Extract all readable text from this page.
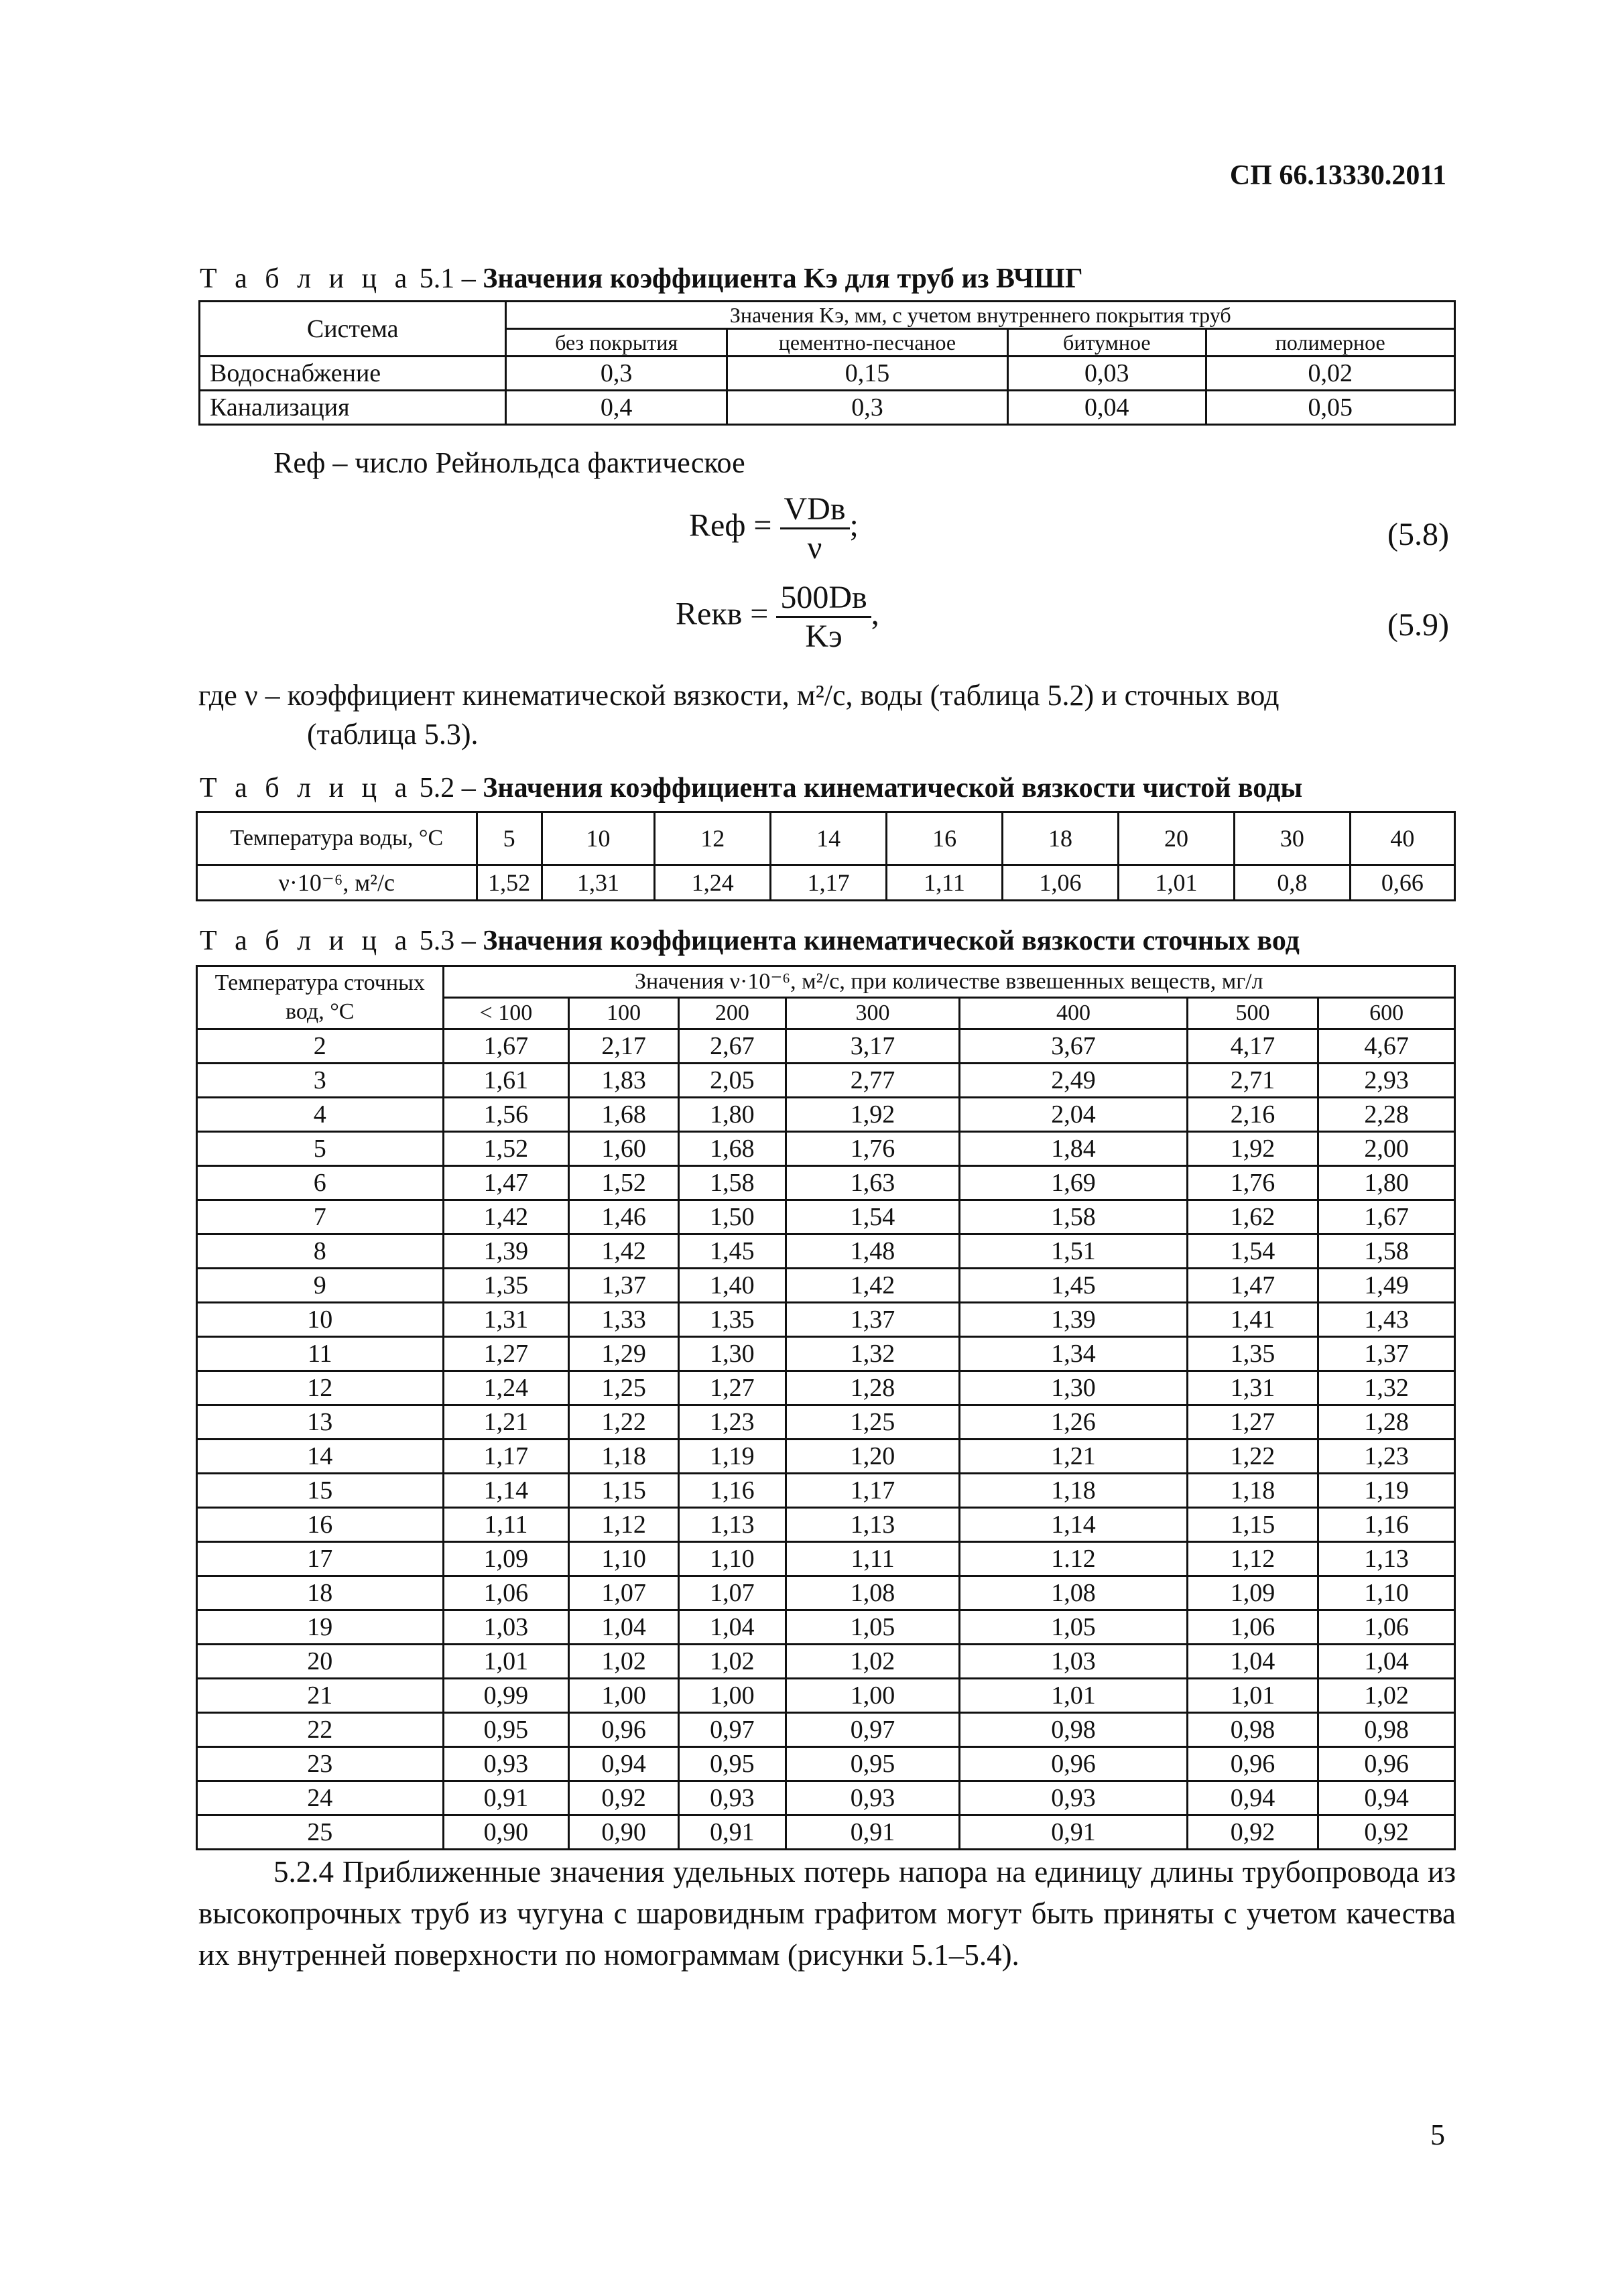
СП 66.13330.2011
Т а б л и ц а 5.1 – Значения коэффициента Kэ для труб из ВЧШГ
Система	Значения Kэ, мм, с учетом внутреннего покрытия труб			
	без покрытия	цементно-песчаное	битумное	полимерное
Водоснабжение	0,3	0,15	0,03	0,02
Канализация	0,4	0,3	0,04	0,05
Reф – число Рейнольдса фактическое
Reф = VDв
ν
;	(5.8)
Reкв = 500Dв
Kэ
,	(5.9)
где ν – коэффициент кинематической вязкости, м²/с, воды (таблица 5.2) и сточных вод
(таблица 5.3).
Т а б л и ц а 5.2 – Значения коэффициента кинематической вязкости чистой воды
Температура воды, °С	5	10	12	14	16	18	20	30	40
ν·10⁻⁶, м²/с	1,52	1,31	1,24	1,17	1,11	1,06	1,01	0,8	0,66
Т а б л и ц а 5.3 – Значения коэффициента кинематической вязкости сточных вод
Температура сточных вод, °С	Значения ν·10⁻⁶, м²/с, при количестве взвешенных веществ, мг/л						
	< 100	100	200	300	400	500	600
2	1,67	2,17	2,67	3,17	3,67	4,17	4,67
3	1,61	1,83	2,05	2,77	2,49	2,71	2,93
4	1,56	1,68	1,80	1,92	2,04	2,16	2,28
5	1,52	1,60	1,68	1,76	1,84	1,92	2,00
6	1,47	1,52	1,58	1,63	1,69	1,76	1,80
7	1,42	1,46	1,50	1,54	1,58	1,62	1,67
8	1,39	1,42	1,45	1,48	1,51	1,54	1,58
9	1,35	1,37	1,40	1,42	1,45	1,47	1,49
10	1,31	1,33	1,35	1,37	1,39	1,41	1,43
11	1,27	1,29	1,30	1,32	1,34	1,35	1,37
12	1,24	1,25	1,27	1,28	1,30	1,31	1,32
13	1,21	1,22	1,23	1,25	1,26	1,27	1,28
14	1,17	1,18	1,19	1,20	1,21	1,22	1,23
15	1,14	1,15	1,16	1,17	1,18	1,18	1,19
16	1,11	1,12	1,13	1,13	1,14	1,15	1,16
17	1,09	1,10	1,10	1,11	1.12	1,12	1,13
18	1,06	1,07	1,07	1,08	1,08	1,09	1,10
19	1,03	1,04	1,04	1,05	1,05	1,06	1,06
20	1,01	1,02	1,02	1,02	1,03	1,04	1,04
21	0,99	1,00	1,00	1,00	1,01	1,01	1,02
22	0,95	0,96	0,97	0,97	0,98	0,98	0,98
23	0,93	0,94	0,95	0,95	0,96	0,96	0,96
24	0,91	0,92	0,93	0,93	0,93	0,94	0,94
25	0,90	0,90	0,91	0,91	0,91	0,92	0,92
5.2.4 Приближенные значения удельных потерь напора на единицу длины трубопровода из высокопрочных труб из чугуна с шаровидным графитом могут быть приняты с учетом качества их внутренней поверхности по номограммам (рисунки 5.1–5.4).
5
